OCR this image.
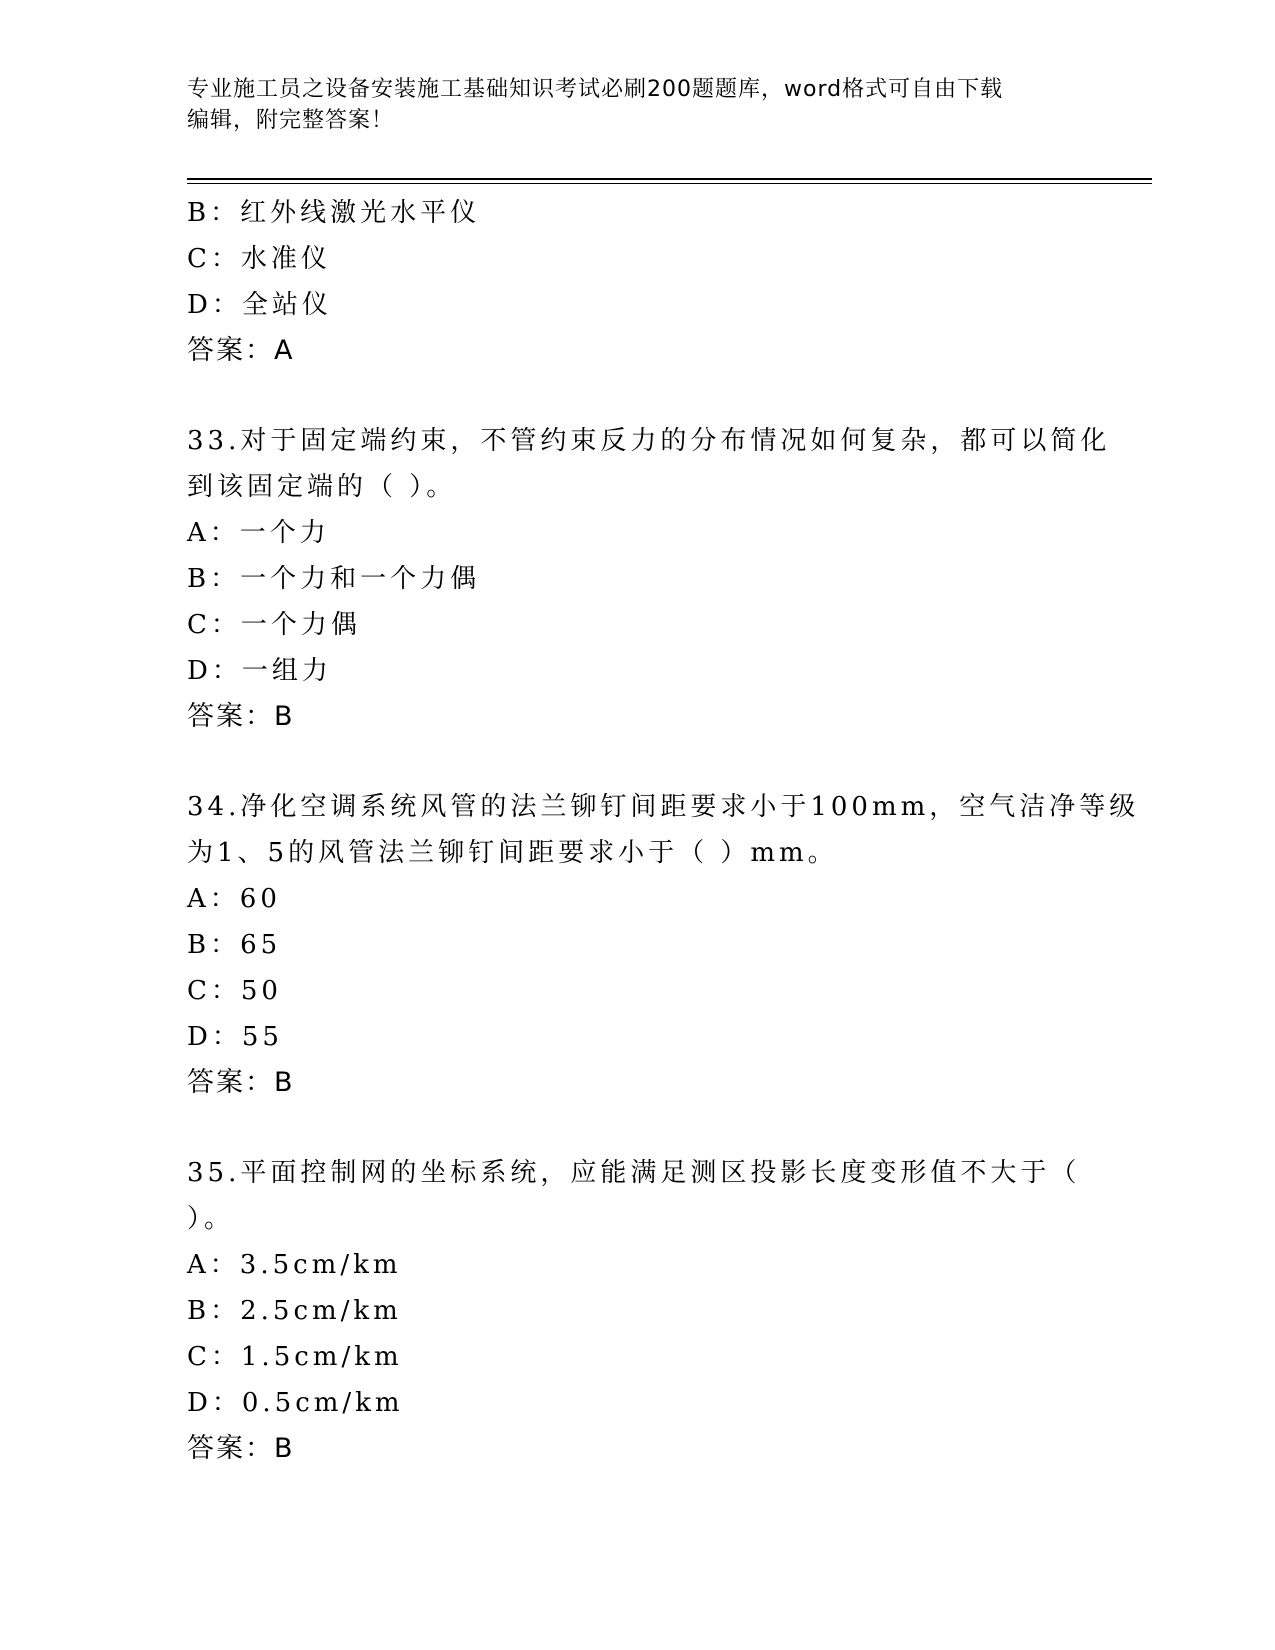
专业施工员之设备安装施工基础知识考试必刷200题题库，word格式可自由下载
编辑，附完整答案！
B：红外线激光水平仪
C：水准仪
D：全站仪
答案：A
33.对于固定端约束，不管约束反力的分布情况如何复杂，都可以简化
到该固定端的（ ）。
A：一个力
B：一个力和一个力偶
C：一个力偶
D：一组力
答案：B
34.净化空调系统风管的法兰铆钉间距要求小于100mm，空气洁净等级
为1、5的风管法兰铆钉间距要求小于（ ）mm。
A：60
B：65
C：50
D：55
答案：B
35.平面控制网的坐标系统，应能满足测区投影长度变形值不大于（
）。
A：3.5cm/km
B：2.5cm/km
C：1.5cm/km
D：0.5cm/km
答案：B
